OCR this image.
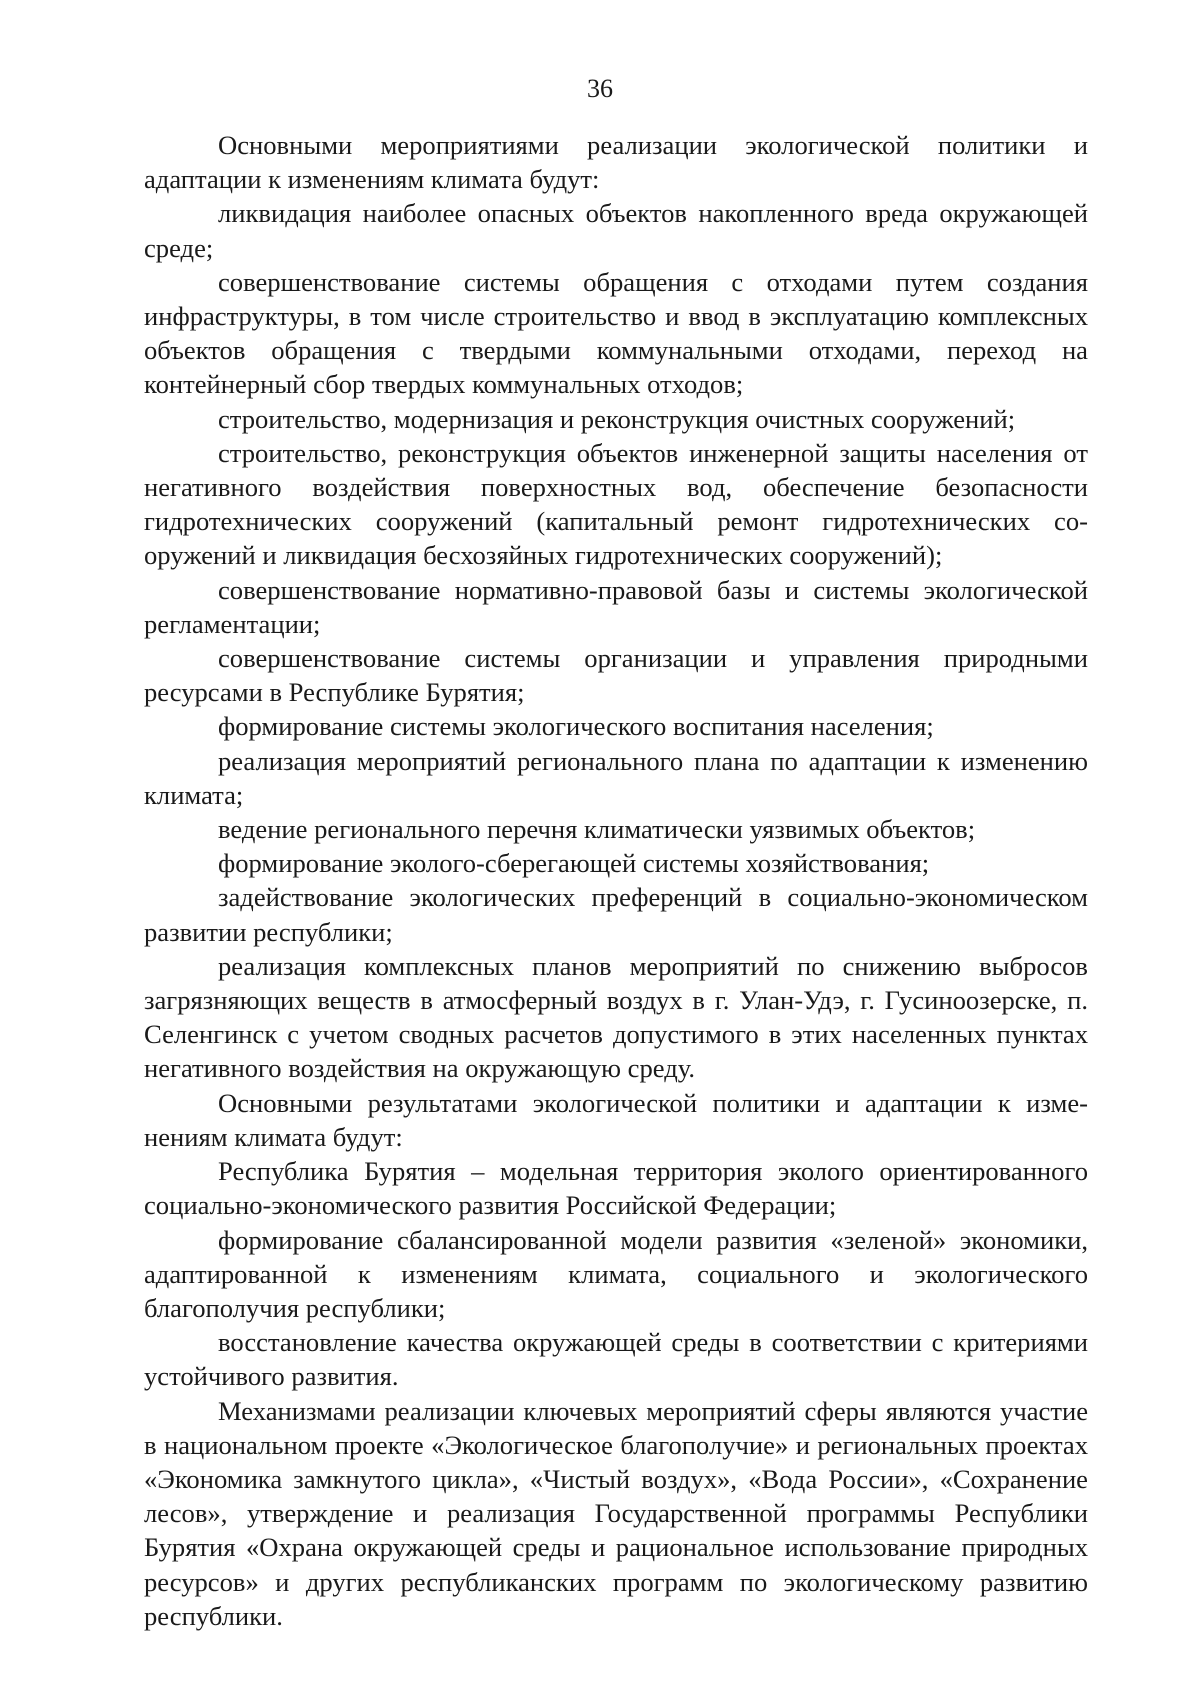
36

Основными мероприятиями реализации экологической политики и адаптации к изменениям климата будут:

ликвидация наиболее опасных объектов накопленного вреда окружающей среде;

совершенствование системы обращения с отходами путем создания инфраструктуры, в том числе строительство и ввод в эксплуатацию комплексных объектов обращения с твердыми коммунальными отходами, переход на контейнерный сбор твердых коммунальных отходов;

строительство, модернизация и реконструкция очистных сооружений;

строительство, реконструкция объектов инженерной защиты населения от негативного воздействия поверхностных вод, обеспечение безопасности гидротехнических сооружений (капитальный ремонт гидротехнических сооружений и ликвидация бесхозяйных гидротехнических сооружений);

совершенствование нормативно-правовой базы и системы экологической регламентации;

совершенствование системы организации и управления природными ресурсами в Республике Бурятия;

формирование системы экологического воспитания населения;

реализация мероприятий регионального плана по адаптации к изменению климата;

ведение регионального перечня климатически уязвимых объектов;

формирование эколого-сберегающей системы хозяйствования;

задействование экологических преференций в социально-экономическом развитии республики;

реализация комплексных планов мероприятий по снижению выбросов загрязняющих веществ в атмосферный воздух в г. Улан-Удэ, г. Гусиноозерске, п. Селенгинск с учетом сводных расчетов допустимого в этих населенных пунктах негативного воздействия на окружающую среду.

Основными результатами экологической политики и адаптации к изменениям климата будут:

Республика Бурятия – модельная территория эколого ориентированного социально-экономического развития Российской Федерации;

формирование сбалансированной модели развития «зеленой» экономики, адаптированной к изменениям климата, социального и экологического благополучия республики;

восстановление качества окружающей среды в соответствии с критериями устойчивого развития.

Механизмами реализации ключевых мероприятий сферы являются участие в национальном проекте «Экологическое благополучие» и региональных проектах «Экономика замкнутого цикла», «Чистый воздух», «Вода России», «Сохранение лесов», утверждение и реализация Государственной программы Республики Бурятия «Охрана окружающей среды и рациональное использование природных ресурсов» и других республиканских программ по экологическому развитию республики.
